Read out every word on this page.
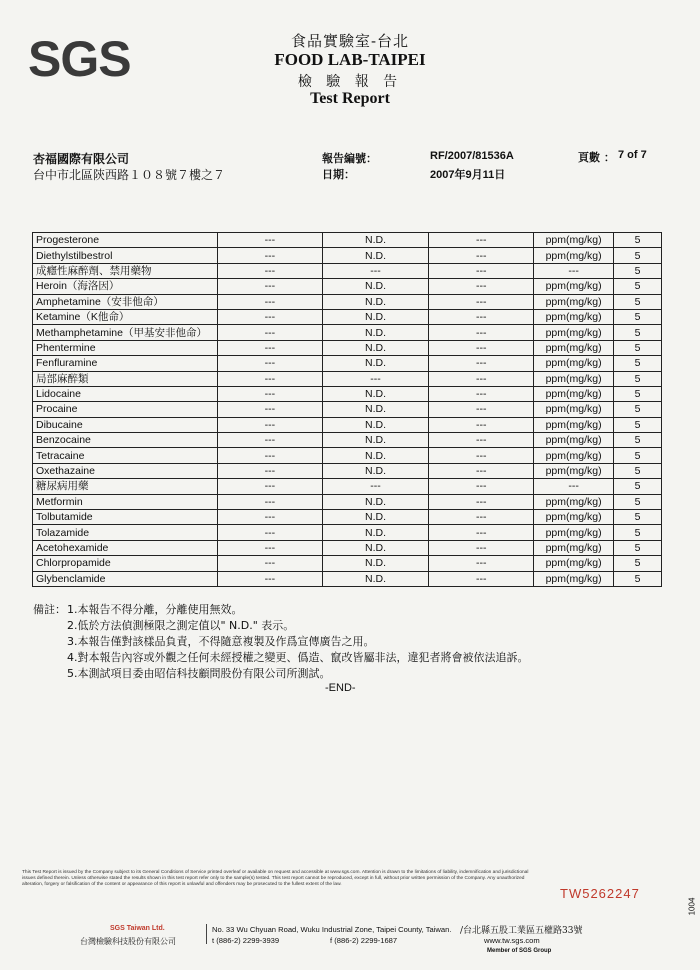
SGS	食品實驗室-台北
FOOD LAB-TAIPEI
檢 驗 報 告
Test Report
杏福國際有限公司
台中市北區陝西路１０８號７樓之７
報告編號：	RF/2007/81536A
日期：	2007年9月11日
頁數 ： 7 of 7
Progesterone	---	N.D.	---	ppm(mg/kg)	5
Diethylstilbestrol	---	N.D.	---	ppm(mg/kg)	5
成癮性麻醉劑、禁用藥物	---	---	---	---	5
Heroin（海洛因）	---	N.D.	---	ppm(mg/kg)	5
Amphetamine（安非他命）	---	N.D.	---	ppm(mg/kg)	5
Ketamine（K他命）	---	N.D.	---	ppm(mg/kg)	5
Methamphetamine（甲基安非他命）	---	N.D.	---	ppm(mg/kg)	5
Phentermine	---	N.D.	---	ppm(mg/kg)	5
Fenfluramine	---	N.D.	---	ppm(mg/kg)	5
局部麻醉類	---	---	---	ppm(mg/kg)	5
Lidocaine	---	N.D.	---	ppm(mg/kg)	5
Procaine	---	N.D.	---	ppm(mg/kg)	5
Dibucaine	---	N.D.	---	ppm(mg/kg)	5
Benzocaine	---	N.D.	---	ppm(mg/kg)	5
Tetracaine	---	N.D.	---	ppm(mg/kg)	5
Oxethazaine	---	N.D.	---	ppm(mg/kg)	5
糖尿病用藥	---	---	---	---	5
Metformin	---	N.D.	---	ppm(mg/kg)	5
Tolbutamide	---	N.D.	---	ppm(mg/kg)	5
Tolazamide	---	N.D.	---	ppm(mg/kg)	5
Acetohexamide	---	N.D.	---	ppm(mg/kg)	5
Chlorpropamide	---	N.D.	---	ppm(mg/kg)	5
Glybenclamide	---	N.D.	---	ppm(mg/kg)	5
備註： 1.本報告不得分離，分離使用無效。
2.低於方法偵測極限之測定值以" N.D." 表示。
3.本報告僅對該樣品負責，不得隨意複製及作爲宣傳廣告之用。
4.對本報告內容或外觀之任何未經授權之變更、僞造、竄改皆屬非法，違犯者將會被依法追訴。
5.本測試項目委由昭信科技顧問股份有限公司所測試。
-END-
This Test Report is issued by the Company subject to its General Conditions of Service printed overleaf or available on request and accessible at www.sgs.com. Attention is drawn to the limitations of liability, indemnification and jurisdictional issues defined therein. Unless otherwise stated the results shown in this test report refer only to the sample(s) tested. This test report cannot be reproduced, except in full, without prior written permission of the Company. Any unauthorized alteration, forgery or falsification of the content or appearance of this report is unlawful and offenders may be prosecuted to the fullest extent of the law.
TW5262247
1004
SGS Taiwan Ltd.
台灣檢驗科技股份有限公司
No. 33 Wu Chyuan Road, Wuku Industrial Zone, Taipei County, Taiwan. /台北縣五股工業區五權路33號
t (886-2) 2299-3939	f (886-2) 2299-1687	www.tw.sgs.com
Member of SGS Group
